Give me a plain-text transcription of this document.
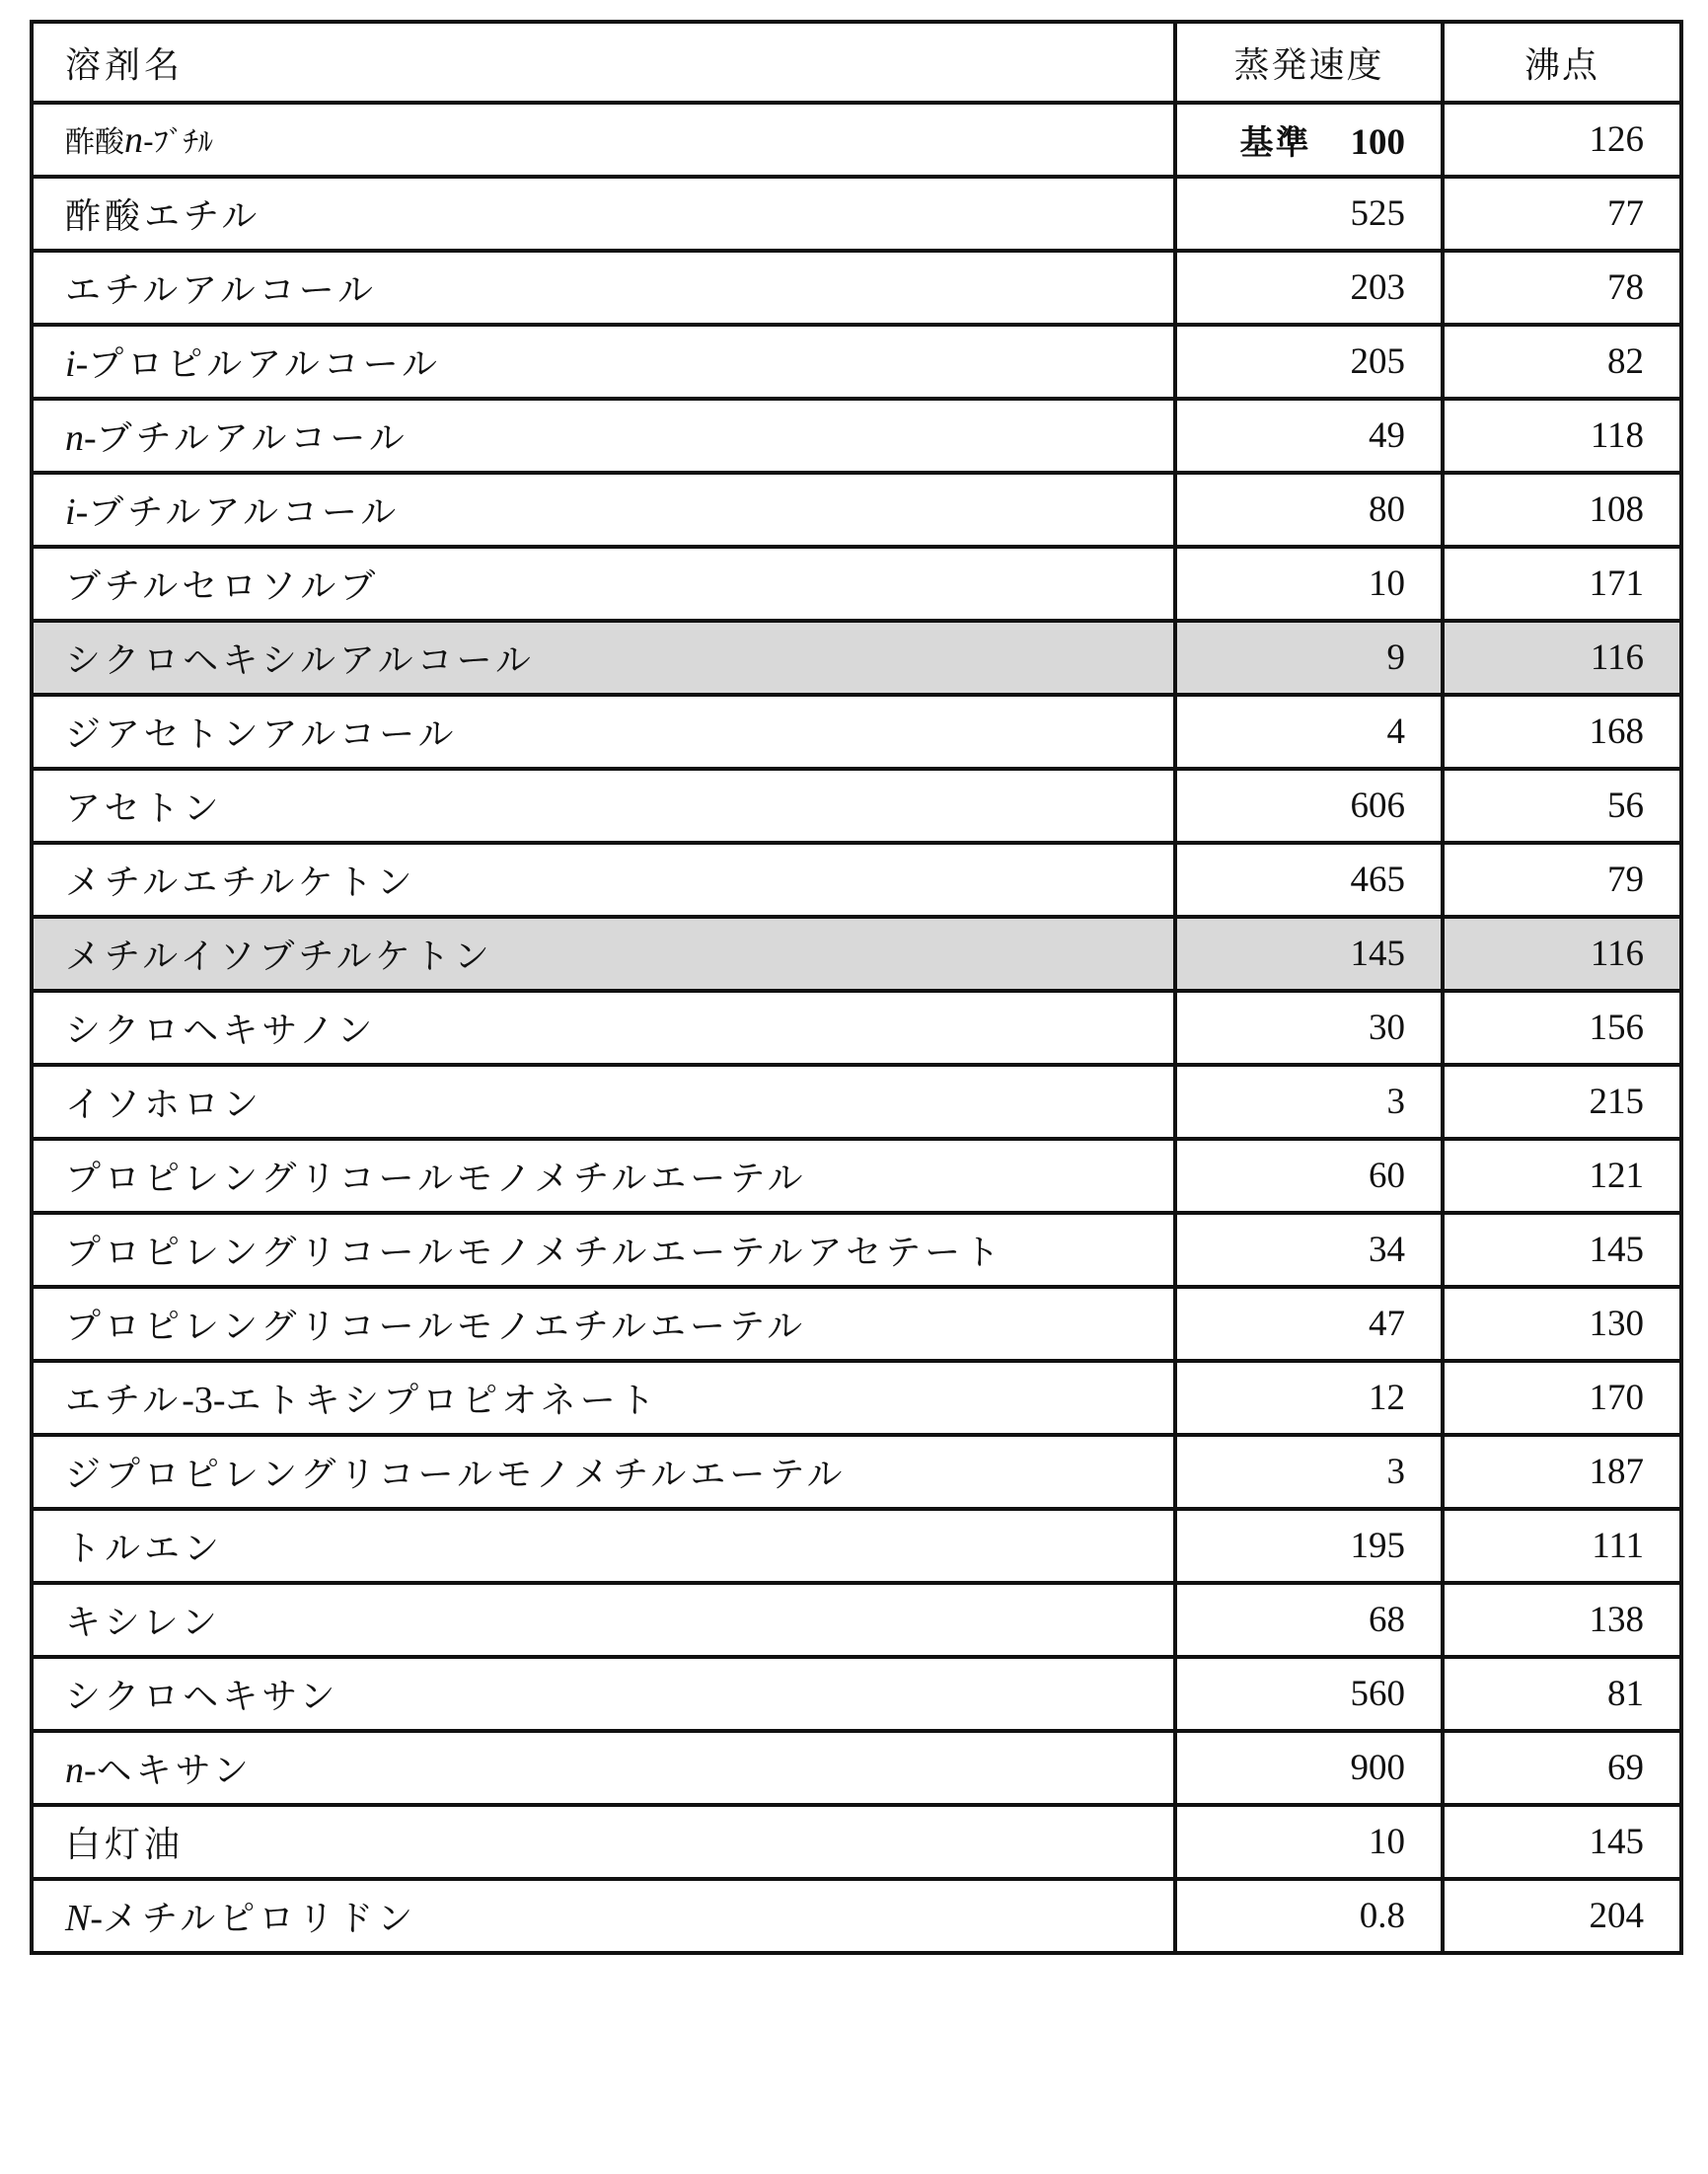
溶剤名	蒸発速度	沸点
酢酸n-ﾌﾞﾁﾙ	基準 100	126
酢酸エチル	525	77
エチルアルコール	203	78
i-プロピルアルコール	205	82
n-ブチルアルコール	49	118
i-ブチルアルコール	80	108
ブチルセロソルブ	10	171
シクロヘキシルアルコール	9	116
ジアセトンアルコール	4	168
アセトン	606	56
メチルエチルケトン	465	79
メチルイソブチルケトン	145	116
シクロヘキサノン	30	156
イソホロン	3	215
プロピレングリコールモノメチルエーテル	60	121
プロピレングリコールモノメチルエーテルアセテート	34	145
プロピレングリコールモノエチルエーテル	47	130
エチル-3-エトキシプロピオネート	12	170
ジプロピレングリコールモノメチルエーテル	3	187
トルエン	195	111
キシレン	68	138
シクロヘキサン	560	81
n-ヘキサン	900	69
白灯油	10	145
N-メチルピロリドン	0.8	204
